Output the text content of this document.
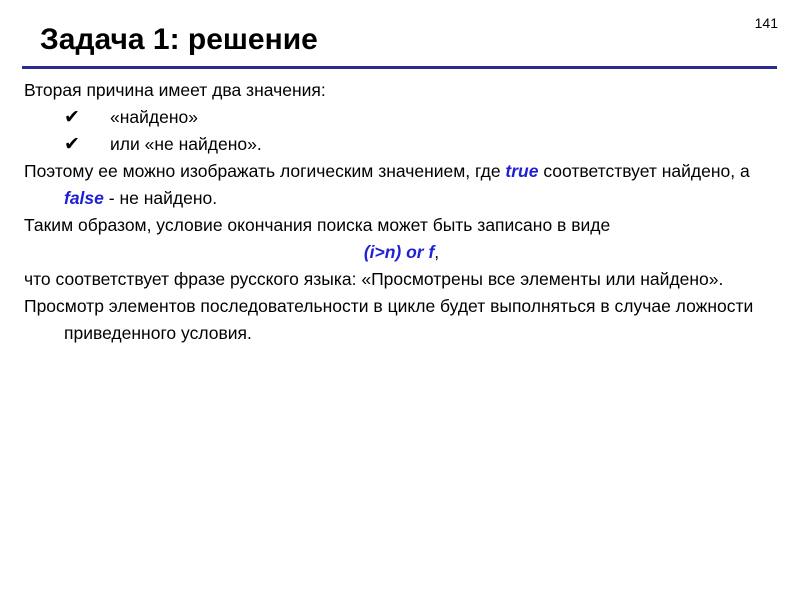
141
Задача 1: решение

Вторая причина имеет два значения:

✔ «найдено»

✔ или «не найдено».

Поэтому ее можно изображать логическим значением, где true соответствует найдено, а false - не найдено.

Таким образом, условие окончания поиска может быть записано в виде

(i>n) or f,

что соответствует фразе русского языка: «Просмотрены все элементы или найдено».

Просмотр элементов последовательности в цикле будет выполняться в случае ложности приведенного условия.
